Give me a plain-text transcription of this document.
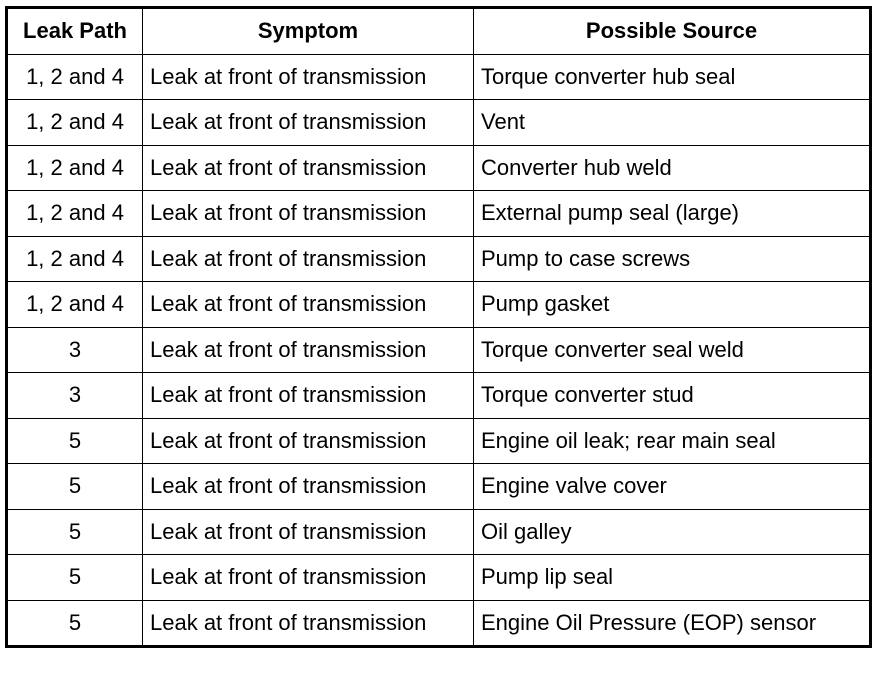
Leak Path	Symptom	Possible Source
1, 2 and 4	Leak at front of transmission	Torque converter hub seal
1, 2 and 4	Leak at front of transmission	Vent
1, 2 and 4	Leak at front of transmission	Converter hub weld
1, 2 and 4	Leak at front of transmission	External pump seal (large)
1, 2 and 4	Leak at front of transmission	Pump to case screws
1, 2 and 4	Leak at front of transmission	Pump gasket
3	Leak at front of transmission	Torque converter seal weld
3	Leak at front of transmission	Torque converter stud
5	Leak at front of transmission	Engine oil leak; rear main seal
5	Leak at front of transmission	Engine valve cover
5	Leak at front of transmission	Oil galley
5	Leak at front of transmission	Pump lip seal
5	Leak at front of transmission	Engine Oil Pressure (EOP) sensor
